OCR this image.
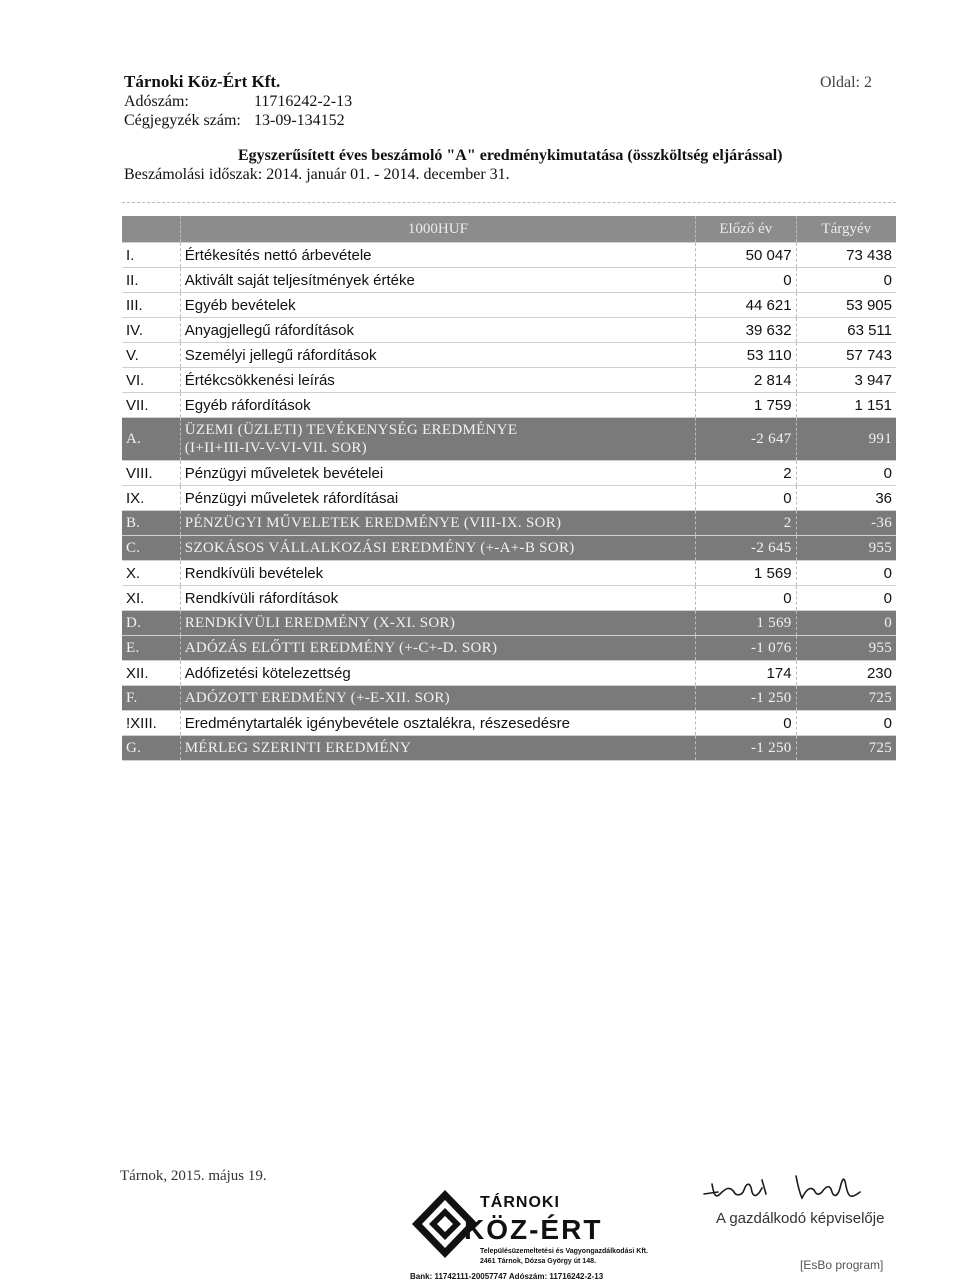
Tárnoki Köz-Ért Kft.
Adószám:	11716242-2-13
Cégjegyzék szám: 13-09-134152
Oldal: 2
Egyszerűsített éves beszámoló "A" eredménykimutatása (összköltség eljárással)
Beszámolási időszak: 2014. január 01. - 2014. december 31.
	1000HUF	Előző év	Tárgyév
I.	Értékesítés nettó árbevétele	50 047	73 438
II.	Aktivált saját teljesítmények értéke	0	0
III.	Egyéb bevételek	44 621	53 905
IV.	Anyagjellegű ráfordítások	39 632	63 511
V.	Személyi jellegű ráfordítások	53 110	57 743
VI.	Értékcsökkenési leírás	2 814	3 947
VII.	Egyéb ráfordítások	1 759	1 151
A.	ÜZEMI (ÜZLETI) TEVÉKENYSÉG EREDMÉNYE
(I+II+III-IV-V-VI-VII. SOR)	-2 647	991
VIII.	Pénzügyi műveletek bevételei	2	0
IX.	Pénzügyi műveletek ráfordításai	0	36
B.	PÉNZÜGYI MŰVELETEK EREDMÉNYE (VIII-IX. SOR)	2	-36
C.	SZOKÁSOS VÁLLALKOZÁSI EREDMÉNY (+-A+-B SOR)	-2 645	955
X.	Rendkívüli bevételek	1 569	0
XI.	Rendkívüli ráfordítások	0	0
D.	RENDKÍVÜLI EREDMÉNY (X-XI. SOR)	1 569	0
E.	ADÓZÁS ELŐTTI EREDMÉNY (+-C+-D. SOR)	-1 076	955
XII.	Adófizetési kötelezettség	174	230
F.	ADÓZOTT EREDMÉNY (+-E-XII. SOR)	-1 250	725
!XIII.	Eredménytartalék igénybevétele osztalékra, részesedésre	0	0
G.	MÉRLEG SZERINTI EREDMÉNY	-1 250	725
Tárnok, 2015. május 19.
A gazdálkodó képviselője
[EsBo program]
TÁRNOKI
KÖZ-ÉRT
Településüzemeltetési és Vagyongazdálkodási Kft.
2461 Tárnok, Dózsa György út 148.
Bank: 11742111-20057747 Adószám: 11716242-2-13
